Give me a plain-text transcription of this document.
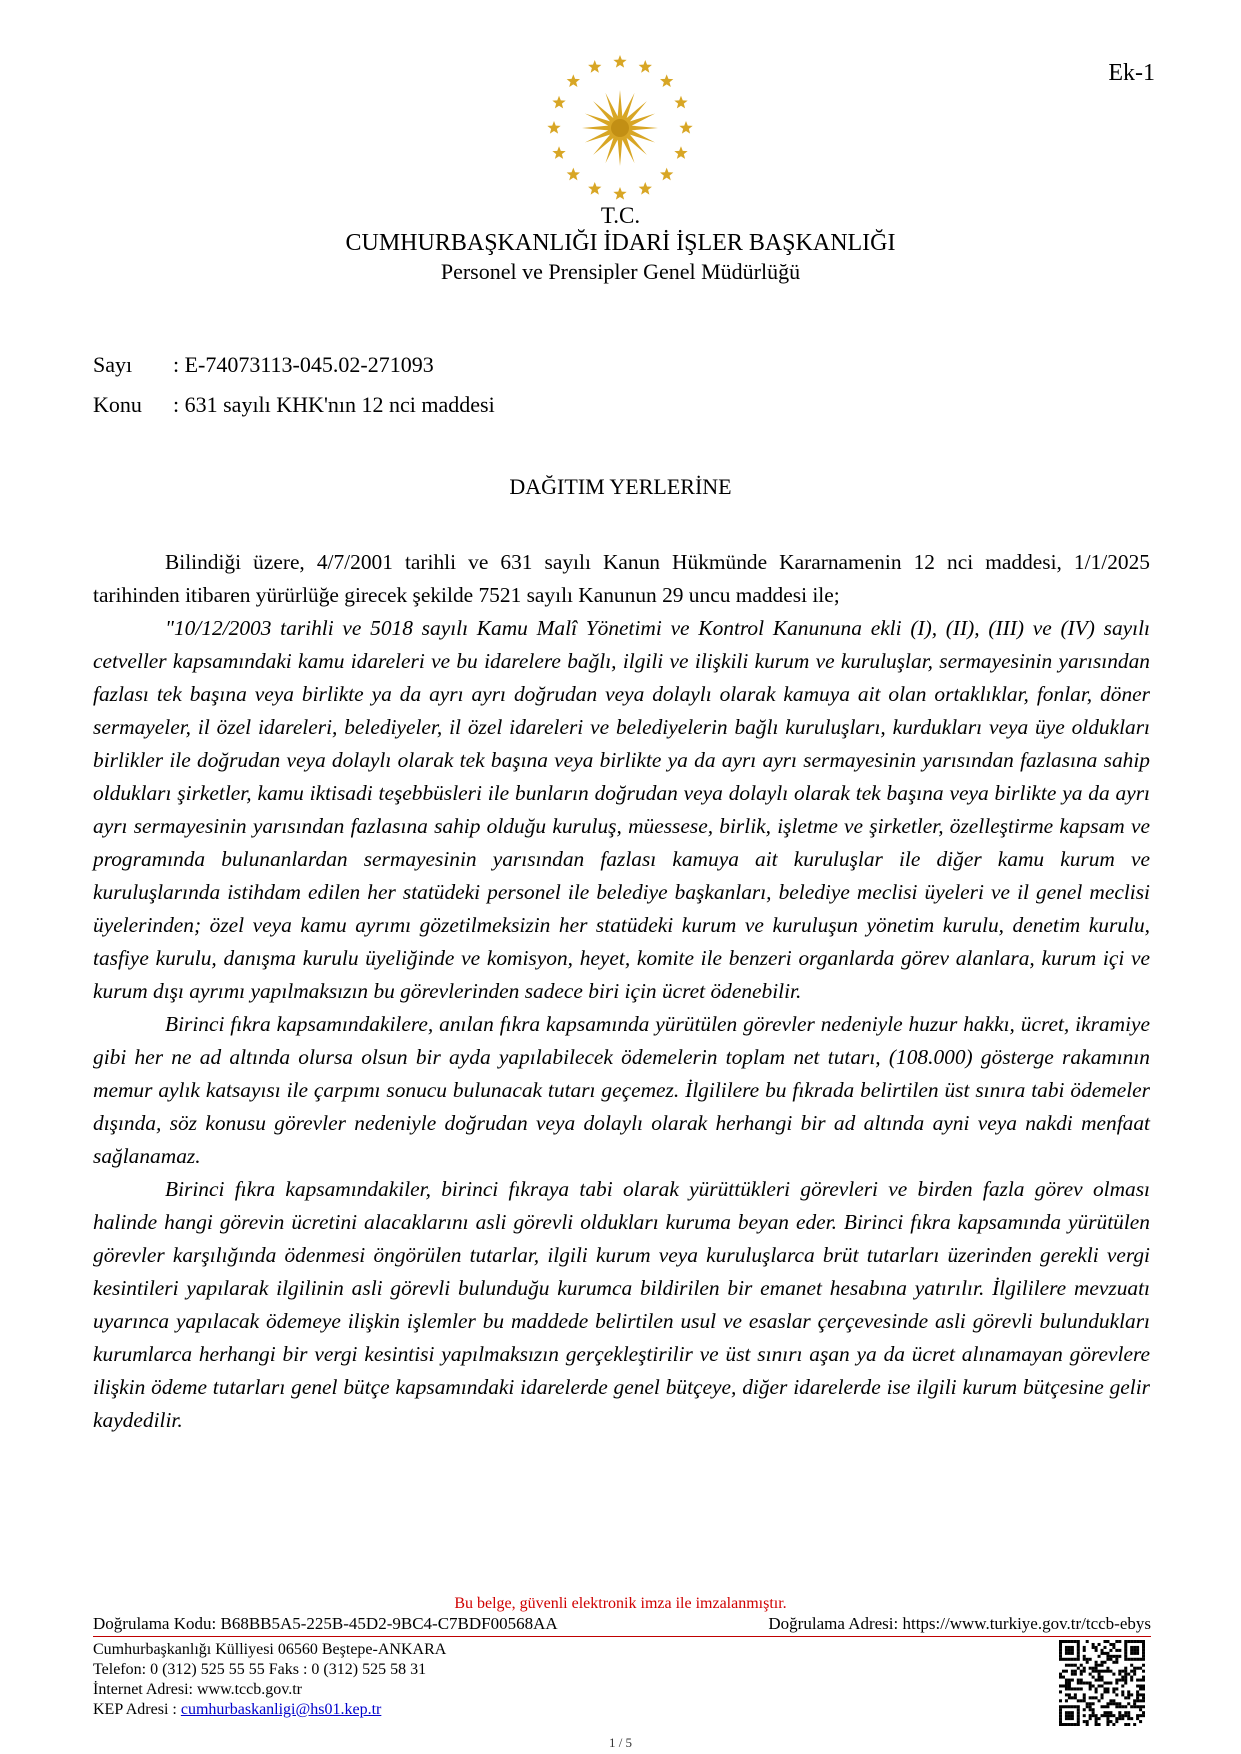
Ek-1
T.C.
CUMHURBAŞKANLIĞI İDARİ İŞLER BAŞKANLIĞI
Personel ve Prensipler Genel Müdürlüğü
Sayı : E-74073113-045.02-271093
Konu : 631 sayılı KHK'nın 12 nci maddesi
DAĞITIM YERLERİNE

Bilindiği üzere, 4/7/2001 tarihli ve 631 sayılı Kanun Hükmünde Kararnamenin 12 nci maddesi, 1/1/2025 tarihinden itibaren yürürlüğe girecek şekilde 7521 sayılı Kanunun 29 uncu maddesi ile;

"10/12/2003 tarihli ve 5018 sayılı Kamu Malî Yönetimi ve Kontrol Kanununa ekli (I), (II), (III) ve (IV) sayılı cetveller kapsamındaki kamu idareleri ve bu idarelere bağlı, ilgili ve ilişkili kurum ve kuruluşlar, sermayesinin yarısından fazlası tek başına veya birlikte ya da ayrı ayrı doğrudan veya dolaylı olarak kamuya ait olan ortaklıklar, fonlar, döner sermayeler, il özel idareleri, belediyeler, il özel idareleri ve belediyelerin bağlı kuruluşları, kurdukları veya üye oldukları birlikler ile doğrudan veya dolaylı olarak tek başına veya birlikte ya da ayrı ayrı sermayesinin yarısından fazlasına sahip oldukları şirketler, kamu iktisadi teşebbüsleri ile bunların doğrudan veya dolaylı olarak tek başına veya birlikte ya da ayrı ayrı sermayesinin yarısından fazlasına sahip olduğu kuruluş, müessese, birlik, işletme ve şirketler, özelleştirme kapsam ve programında bulunanlardan sermayesinin yarısından fazlası kamuya ait kuruluşlar ile diğer kamu kurum ve kuruluşlarında istihdam edilen her statüdeki personel ile belediye başkanları, belediye meclisi üyeleri ve il genel meclisi üyelerinden; özel veya kamu ayrımı gözetilmeksizin her statüdeki kurum ve kuruluşun yönetim kurulu, denetim kurulu, tasfiye kurulu, danışma kurulu üyeliğinde ve komisyon, heyet, komite ile benzeri organlarda görev alanlara, kurum içi ve kurum dışı ayrımı yapılmaksızın bu görevlerinden sadece biri için ücret ödenebilir.

Birinci fıkra kapsamındakilere, anılan fıkra kapsamında yürütülen görevler nedeniyle huzur hakkı, ücret, ikramiye gibi her ne ad altında olursa olsun bir ayda yapılabilecek ödemelerin toplam net tutarı, (108.000) gösterge rakamının memur aylık katsayısı ile çarpımı sonucu bulunacak tutarı geçemez. İlgililere bu fıkrada belirtilen üst sınıra tabi ödemeler dışında, söz konusu görevler nedeniyle doğrudan veya dolaylı olarak herhangi bir ad altında ayni veya nakdi menfaat sağlanamaz.

Birinci fıkra kapsamındakiler, birinci fıkraya tabi olarak yürüttükleri görevleri ve birden fazla görev olması halinde hangi görevin ücretini alacaklarını asli görevli oldukları kuruma beyan eder. Birinci fıkra kapsamında yürütülen görevler karşılığında ödenmesi öngörülen tutarlar, ilgili kurum veya kuruluşlarca brüt tutarları üzerinden gerekli vergi kesintileri yapılarak ilgilinin asli görevli bulunduğu kurumca bildirilen bir emanet hesabına yatırılır. İlgililere mevzuatı uyarınca yapılacak ödemeye ilişkin işlemler bu maddede belirtilen usul ve esaslar çerçevesinde asli görevli bulundukları kurumlarca herhangi bir vergi kesintisi yapılmaksızın gerçekleştirilir ve üst sınırı aşan ya da ücret alınamayan görevlere ilişkin ödeme tutarları genel bütçe kapsamındaki idarelerde genel bütçeye, diğer idarelerde ise ilgili kurum bütçesine gelir kaydedilir.

Bu belge, güvenli elektronik imza ile imzalanmıştır.
Doğrulama Kodu: B68BB5A5-225B-45D2-9BC4-C7BDF00568AA	Doğrulama Adresi: https://www.turkiye.gov.tr/tccb-ebys
Cumhurbaşkanlığı Külliyesi 06560 Beştepe-ANKARA
Telefon: 0 (312) 525 55 55 Faks : 0 (312) 525 58 31
İnternet Adresi: www.tccb.gov.tr
KEP Adresi : cumhurbaskanligi@hs01.kep.tr
1 / 5
